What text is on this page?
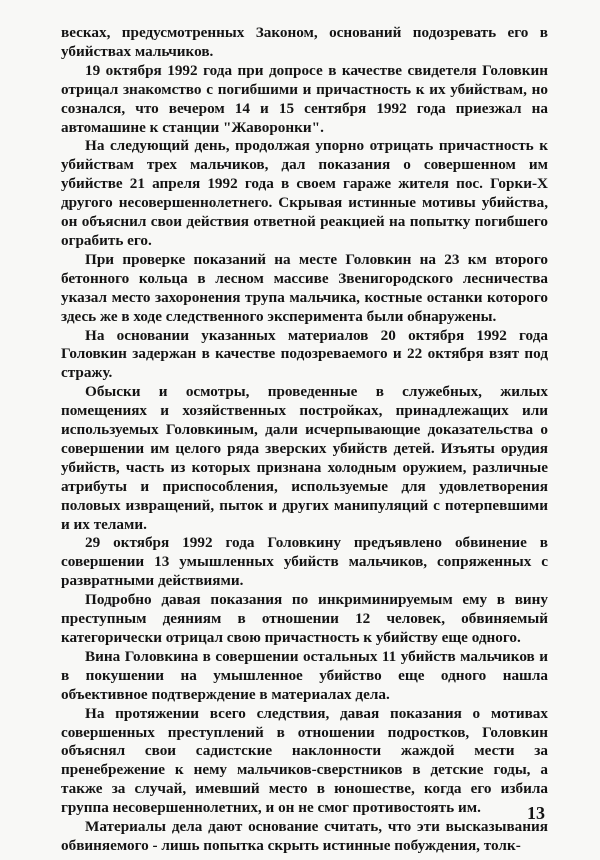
весках, предусмотренных Законом, оснований подозревать его в убийствах мальчиков.

19 октября 1992 года при допросе в качестве свидетеля Головкин отрицал знакомство с погибшими и причастность к их убийствам, но сознался, что вечером 14 и 15 сентября 1992 года приезжал на автомашине к станции "Жаворонки".

На следующий день, продолжая упорно отрицать причастность к убийствам трех мальчиков, дал показания о совершенном им убийстве 21 апреля 1992 года в своем гараже жителя пос. Горки-Х другого несовершеннолетнего. Скрывая истинные мотивы убийства, он объяснил свои действия ответной реакцией на попытку погибшего ограбить его.

При проверке показаний на месте Головкин на 23 км второго бетонного кольца в лесном массиве Звенигородского лесничества указал место захоронения трупа мальчика, костные останки которого здесь же в ходе следственного эксперимента были обнаружены.

На основании указанных материалов 20 октября 1992 года Головкин задержан в качестве подозреваемого и 22 октября взят под стражу.

Обыски и осмотры, проведенные в служебных, жилых помещениях и хозяйственных постройках, принадлежащих или используемых Головкиным, дали исчерпывающие доказательства о совершении им целого ряда зверских убийств детей. Изъяты орудия убийств, часть из которых признана холодным оружием, различные атрибуты и приспособления, используемые для удовлетворения половых извращений, пыток и других манипуляций с потерпевшими и их телами.

29 октября 1992 года Головкину предъявлено обвинение в совершении 13 умышленных убийств мальчиков, сопряженных с развратными действиями.

Подробно давая показания по инкриминируемым ему в вину преступным деяниям в отношении 12 человек, обвиняемый категорически отрицал свою причастность к убийству еще одного.

Вина Головкина в совершении остальных 11 убийств мальчиков и в покушении на умышленное убийство еще одного нашла объективное подтверждение в материалах дела.

На протяжении всего следствия, давая показания о мотивах совершенных преступлений в отношении подростков, Головкин объяснял свои садистские наклонности жаждой мести за пренебрежение к нему мальчиков-сверстников в детские годы, а также за случай, имевший место в юношестве, когда его избила группа несовершеннолетних, и он не смог противостоять им.

Материалы дела дают основание считать, что эти высказывания обвиняемого - лишь попытка скрыть истинные побуждения, толк-

13
